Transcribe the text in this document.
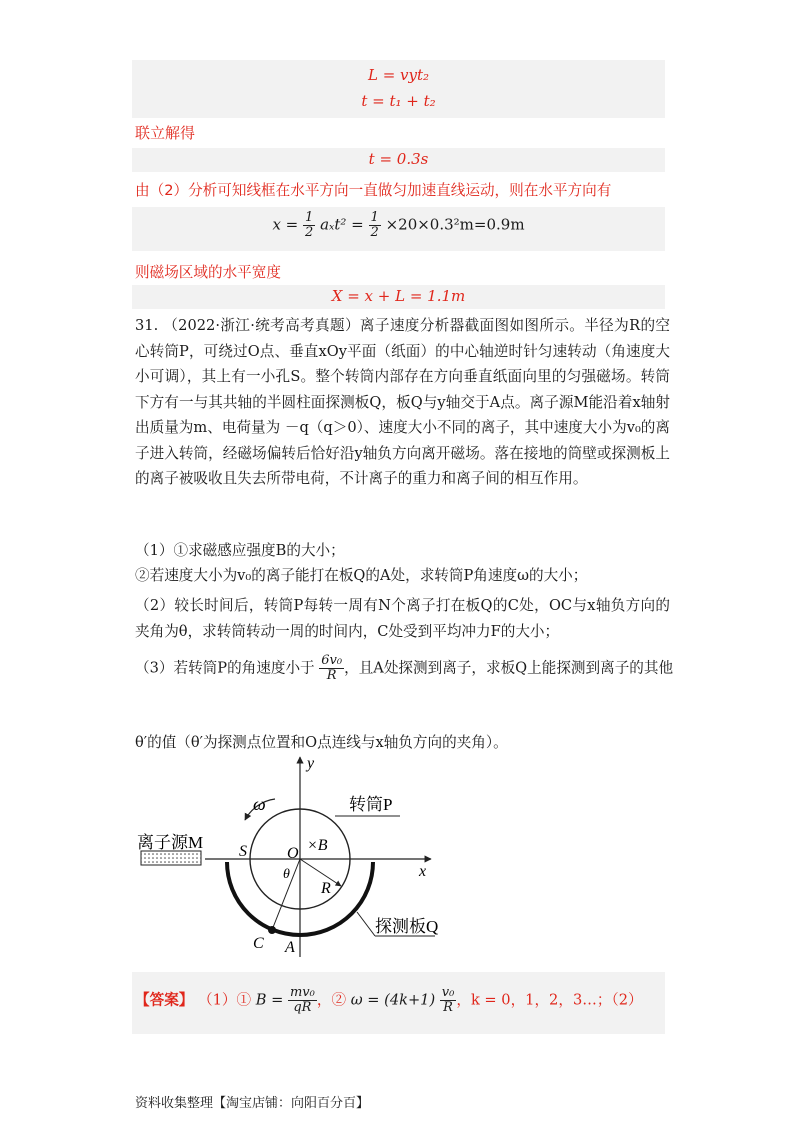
L = vyt₂
t = t₁ + t₂
联立解得
t = 0.3s
由（2）分析可知线框在水平方向一直做匀加速直线运动，则在水平方向有
$x = \frac{1}{2} a_xt^2 = \frac{1}{2} \times 20\times 0.3^2m=0.9m$
则磁场区域的水平宽度
X = x + L = 1.1m
31. （2022·浙江·统考高考真题）离子速度分析器截面图如图所示。半径为R的空心转筒P，可绕过O点、垂直xOy平面（纸面）的中心轴逆时针匀速转动（角速度大小可调），其上有一小孔S。整个转筒内部存在方向垂直纸面向里的匀强磁场。转筒下方有一与其共轴的半圆柱面探测板Q，板Q与y轴交于A点。离子源M能沿着x轴射出质量为m、电荷量为 －q（q＞0）、速度大小不同的离子，其中速度大小为v₀的离子进入转筒，经磁场偏转后恰好沿y轴负方向离开磁场。落在接地的筒壁或探测板上的离子被吸收且失去所带电荷，不计离子的重力和离子间的相互作用。
（1）①求磁感应强度B的大小；
②若速度大小为v₀的离子能打在板Q的A处，求转筒P角速度ω的大小；
（2）较长时间后，转筒P每转一周有N个离子打在板Q的C处，OC与x轴负方向的夹角为θ，求转筒转动一周的时间内，C处受到平均冲力F的大小；
（3）若转筒P的角速度小于 $\frac{\text{6v₀}}{R}$ ，且A处探测到离子，求板Q上能探测到离子的其他
θ′的值（θ′为探测点位置和O点连线与x轴负方向的夹角）。
y
x
ω	转筒P
离子源M S	O ×B
θ
R
C A
探测板Q
【答案】 （1）① $B = \frac{\text{mv₀}}{qR}$ ，② $\omega = (4k+1) \frac{\text{v₀}}{R}$ ，k = 0，1，2，3…；（2）
资料收集整理【淘宝店铺：向阳百分百】
